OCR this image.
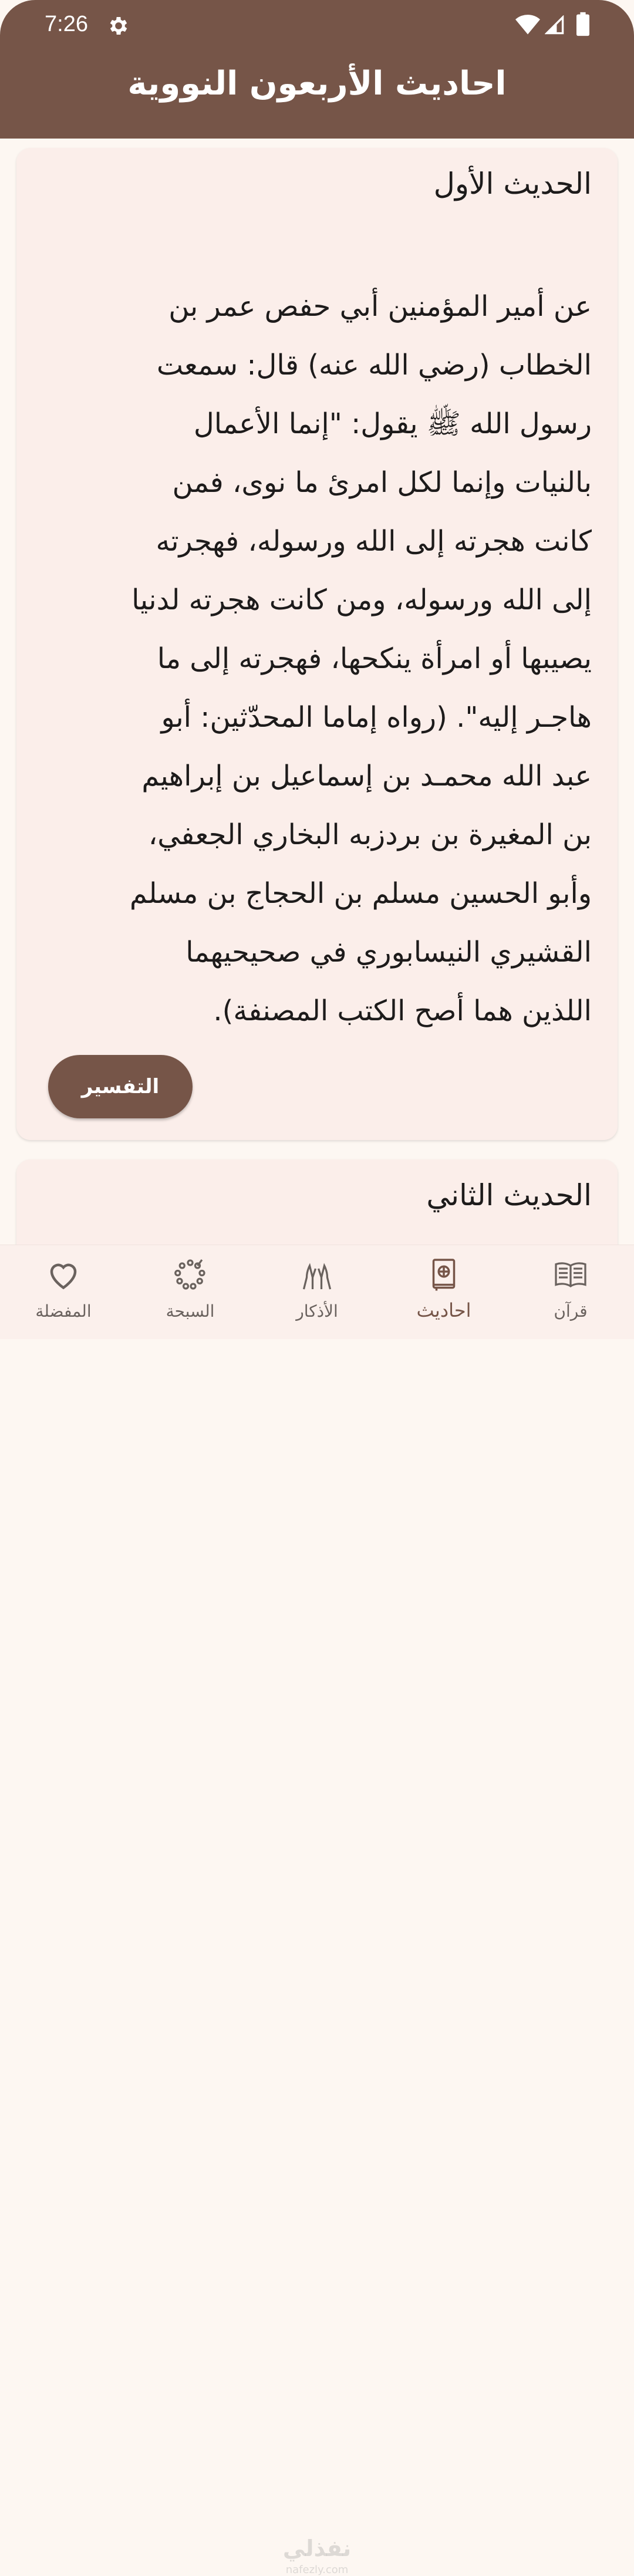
7:26
احاديث الأربعون النووية
الحديث الأول
عن أمير المؤمنين أبي حفص عمر بن
الخطاب (رضي الله عنه) قال: سمعت
رسول الله ﷺ يقول: "إنما الأعمال
بالنيات وإنما لكل امرئ ما نوى، فمن
كانت هجرته إلى الله ورسوله، فهجرته
إلى الله ورسوله، ومن كانت هجرته لدنيا
يصيبها أو امرأة ينكحها، فهجرته إلى ما
هاجـر إليه". (رواه إماما المحدّثين: أبو
عبد الله محمـد بن إسماعيل بن إبراهيم
بن المغيرة بن بردزبه البخاري الجعفي،
وأبو الحسين مسلم بن الحجاج بن مسلم
القشيري النيسابوري في صحيحيهما
اللذين هما أصح الكتب المصنفة).
التفسير
الحديث الثاني
المفضلة	السبحة	الأذكار	احاديث	قرآن
نفذلي
nafezly.com
